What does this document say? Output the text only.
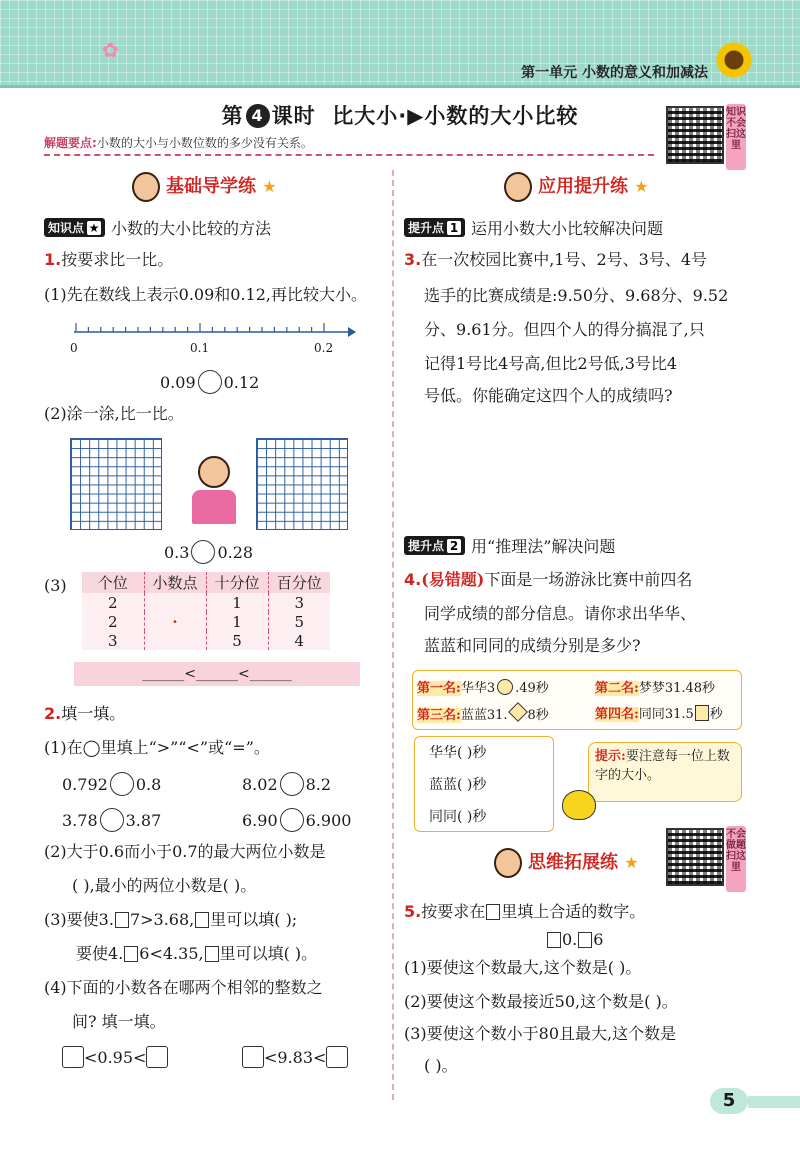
✿
第一单元 小数的意义和加减法
第 4 课时 比大小·▶小数的大小比较	知识不会扫这里
解题要点:小数的大小与小数位数的多少没有关系。
基础导学练 ★
知识点 ★ 小数的大小比较的方法
1.按要求比一比。
(1)先在数线上表示0.09和0.12,再比较大小。
0	0.1	0.2
0.09 0.12
(2)涂一涂,比一比。
0.3 0.28
(3) 个位	小数点	十分位	百分位
2		1	3
2	·	1	5
3		5	4
______<______<______
2.填一填。
(1)在◯里填上“>”“<”或“=”。
0.792 0.8	8.02 8.2
3.78 3.87	6.90 6.900
(2)大于0.6而小于0.7的最大两位小数是
( ),最小的两位小数是( )。
(3)要使3. 7>3.68, 里可以填( );
要使4. 6<4.35, 里可以填( )。
(4)下面的小数各在哪两个相邻的整数之
间? 填一填。
<0.95<	<9.83<
应用提升练 ★
提升点 1 运用小数大小比较解决问题
3.在一次校园比赛中,1号、2号、3号、4号
选手的比赛成绩是:9.50分、9.68分、9.52
分、9.61分。但四个人的得分搞混了,只
记得1号比4号高,但比2号低,3号比4
号低。你能确定这四个人的成绩吗?
提升点 2 用“推理法”解决问题
4.(易错题)下面是一场游泳比赛中前四名
同学成绩的部分信息。请你求出华华、
蓝蓝和同同的成绩分别是多少?
第一名:华华3 .49秒	第二名:梦梦31.48秒
第三名:蓝蓝31. 8秒	第四名:同同31.5 秒
华华( )秒
蓝蓝( )秒
同同( )秒
提示:要注意每一位上数字的大小。
不会做题扫这里
思维拓展练 ★
5.按要求在 里填上合适的数字。
0. 6
(1)要使这个数最大,这个数是( )。
(2)要使这个数最接近50,这个数是( )。
(3)要使这个数小于80且最大,这个数是
( )。
5
